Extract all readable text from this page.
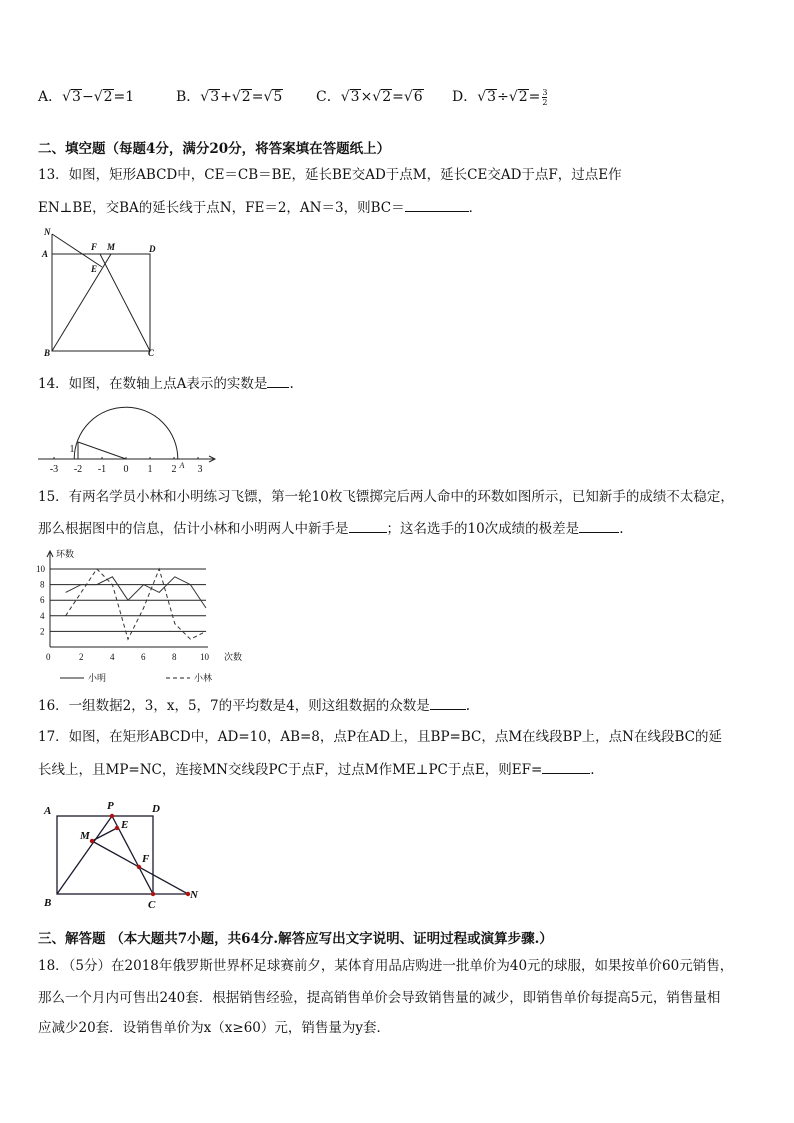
A．√3−√2=1	B．√3+√2=√5 C．√3×√2=√6 D．$√3\div√2= \frac{3}{2}$
二、填空题（每题4分，满分20分，将答案填在答题纸上）
13．如图，矩形ABCD中，CE＝CB＝BE，延长BE交AD于点M，延长CE交AD于点F，过点E作
EN⊥BE，交BA的延长线于点N，FE＝2，AN＝3，则BC＝	．
N
A
F M	D
E
B	C
14．如图，在数轴上点A表示的实数是 .
-3 -2 -1 0 1 2 3
1
A
15．有两名学员小林和小明练习飞镖，第一轮10枚飞镖掷完后两人命中的环数如图所示，已知新手的成绩不太稳定，
那么根据图中的信息，估计小林和小明两人中新手是	；这名选手的10次成绩的极差是	.
环数
次数
10
8
6
4
2
0	2	4	6	8	10
小明	小林
16．一组数据2，3，x，5，7的平均数是4，则这组数据的众数是	.
17．如图，在矩形ABCD中，AD=10，AB=8，点P在AD上，且BP=BC，点M在线段BP上，点N在线段BC的延
长线上，且MP=NC，连接MN交线段PC于点F，过点M作ME⊥PC于点E，则EF=	.
A	P	D
M
E
F
B	C
N
三、解答题 （本大题共7小题，共64分.解答应写出文字说明、证明过程或演算步骤.）
18．（5分）在2018年俄罗斯世界杯足球赛前夕，某体育用品店购进一批单价为40元的球服，如果按单价60元销售，
那么一个月内可售出240套．根据销售经验，提高销售单价会导致销售量的减少，即销售单价每提高5元，销售量相
应减少20套．设销售单价为x（x≥60）元，销售量为y套．
